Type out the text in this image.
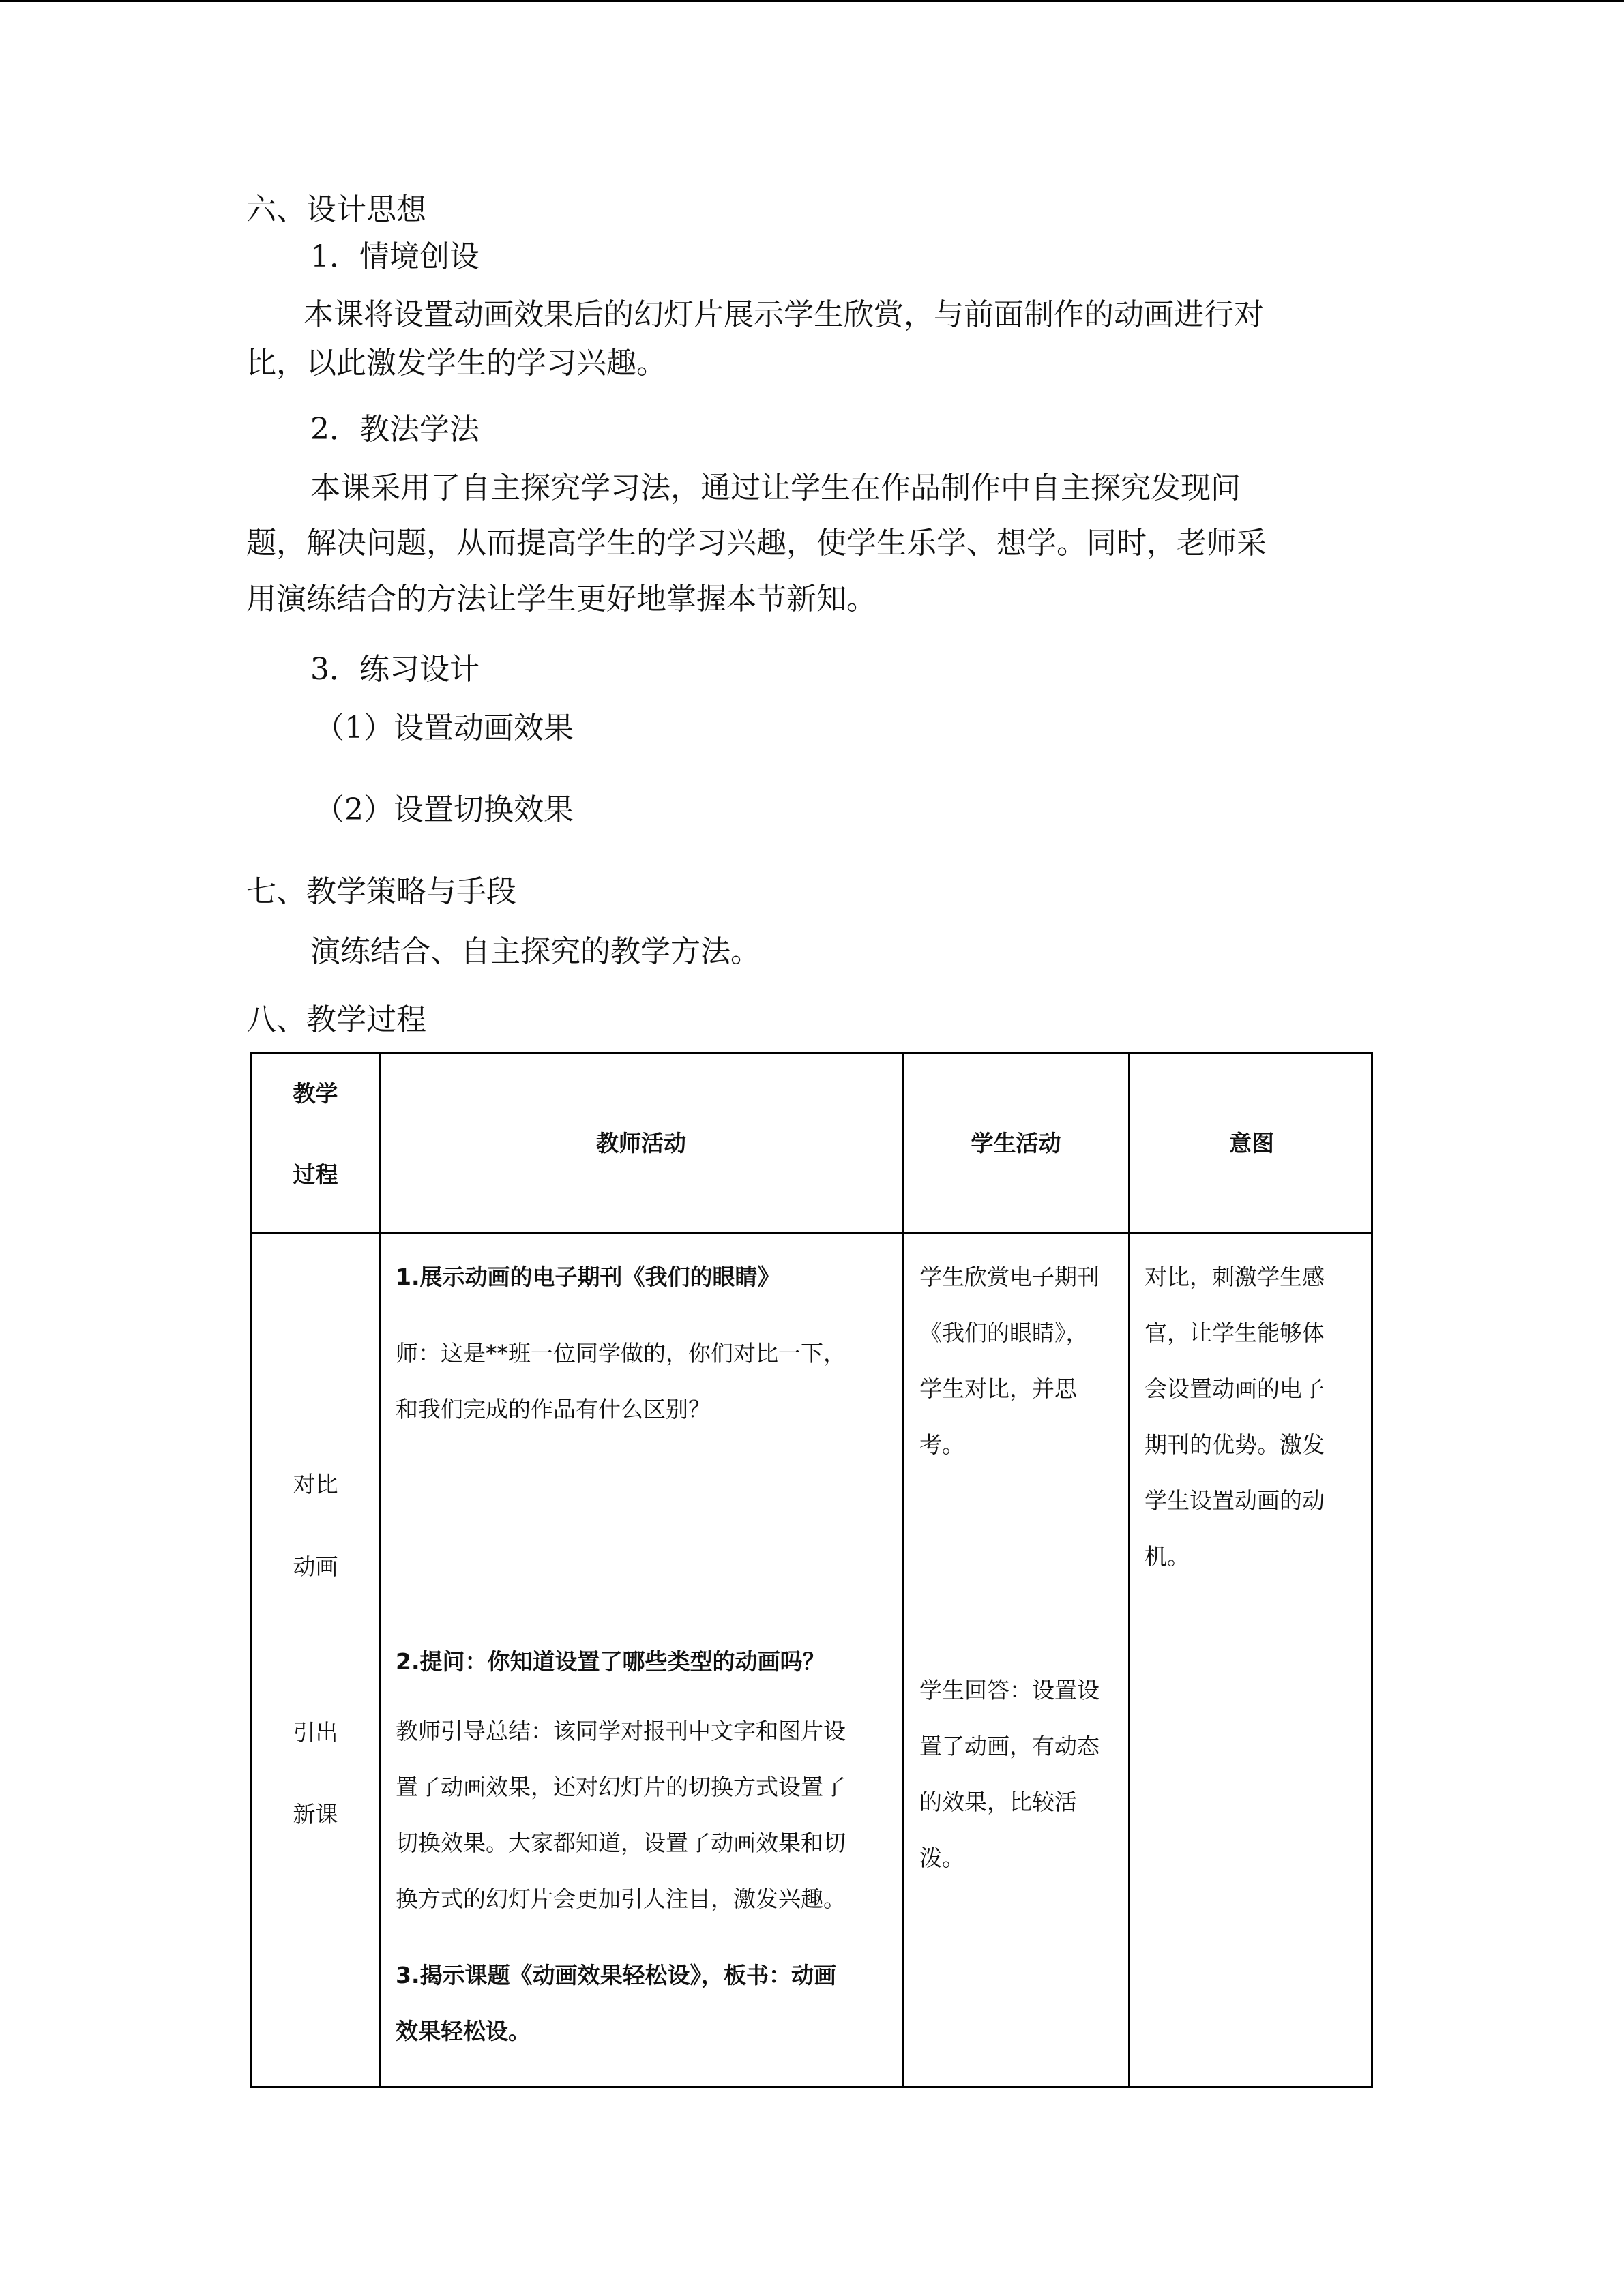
六、设计思想

1．情境创设

本课将设置动画效果后的幻灯片展示学生欣赏，与前面制作的动画进行对

比，以此激发学生的学习兴趣。

2．教法学法

本课采用了自主探究学习法，通过让学生在作品制作中自主探究发现问

题，解决问题，从而提高学生的学习兴趣，使学生乐学、想学。同时，老师采

用演练结合的方法让学生更好地掌握本节新知。

3．练习设计

（1）设置动画效果

（2）设置切换效果

七、教学策略与手段

演练结合、自主探究的教学方法。

八、教学过程

教学
过程
教师活动	学生活动	意图
对比
动画
引出
新课
1.展示动画的电子期刊《我们的眼睛》
师：这是**班一位同学做的，你们对比一下，
和我们完成的作品有什么区别？
2.提问：你知道设置了哪些类型的动画吗？
教师引导总结：该同学对报刊中文字和图片设
置了动画效果，还对幻灯片的切换方式设置了
切换效果。大家都知道，设置了动画效果和切
换方式的幻灯片会更加引人注目，激发兴趣。
3.揭示课题《动画效果轻松设》，板书：动画
效果轻松设。
学生欣赏电子期刊
《我们的眼睛》，
学生对比，并思
考。
学生回答：设置设
置了动画，有动态
的效果，比较活
泼。
对比，刺激学生感
官，让学生能够体
会设置动画的电子
期刊的优势。激发
学生设置动画的动
机。
